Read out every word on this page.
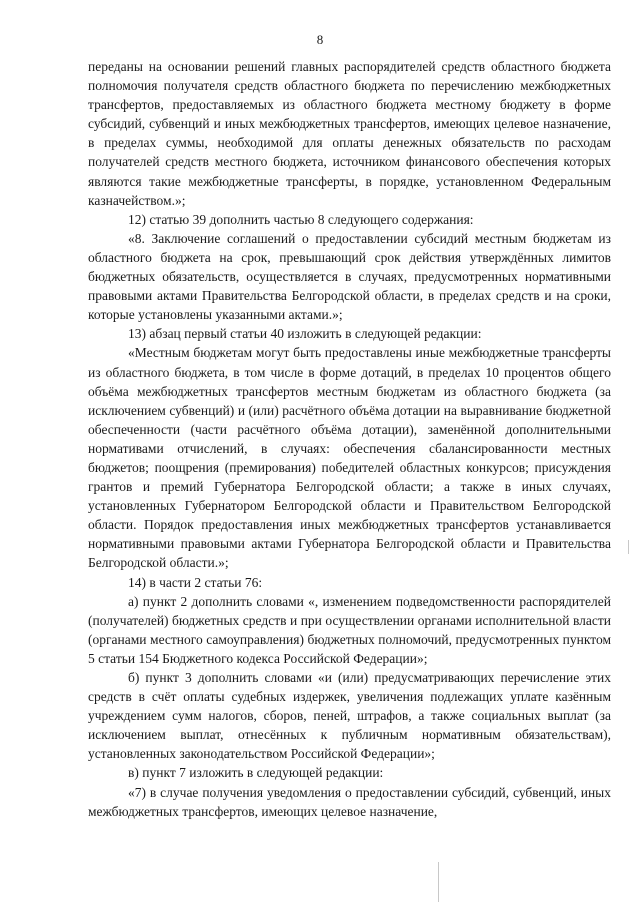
8

переданы на основании решений главных распорядителей средств областного бюджета полномочия получателя средств областного бюджета по перечислению межбюджетных трансфертов, предоставляемых из областного бюджета местному бюджету в форме субсидий, субвенций и иных межбюджетных трансфертов, имеющих целевое назначение, в пределах суммы, необходимой для оплаты денежных обязательств по расходам получателей средств местного бюджета, источником финансового обеспечения которых являются такие межбюджетные трансферты, в порядке, установленном Федеральным казначейством.»;

12) статью 39 дополнить частью 8 следующего содержания:

«8. Заключение соглашений о предоставлении субсидий местным бюджетам из областного бюджета на срок, превышающий срок действия утверждённых лимитов бюджетных обязательств, осуществляется в случаях, предусмотренных нормативными правовыми актами Правительства Белгородской области, в пределах средств и на сроки, которые установлены указанными актами.»;

13) абзац первый статьи 40 изложить в следующей редакции:

«Местным бюджетам могут быть предоставлены иные межбюджетные трансферты из областного бюджета, в том числе в форме дотаций, в пределах 10 процентов общего объёма межбюджетных трансфертов местным бюджетам из областного бюджета (за исключением субвенций) и (или) расчётного объёма дотации на выравнивание бюджетной обеспеченности (части расчётного объёма дотации), заменённой дополнительными нормативами отчислений, в случаях: обеспечения сбалансированности местных бюджетов; поощрения (премирования) победителей областных конкурсов; присуждения грантов и премий Губернатора Белгородской области; а также в иных случаях, установленных Губернатором Белгородской области и Правительством Белгородской области. Порядок предоставления иных межбюджетных трансфертов устанавливается нормативными правовыми актами Губернатора Белгородской области и Правительства Белгородской области.»;

14) в части 2 статьи 76:

а) пункт 2 дополнить словами «, изменением подведомственности распорядителей (получателей) бюджетных средств и при осуществлении органами исполнительной власти (органами местного самоуправления) бюджетных полномочий, предусмотренных пунктом 5 статьи 154 Бюджетного кодекса Российской Федерации»;

б) пункт 3 дополнить словами «и (или) предусматривающих перечисление этих средств в счёт оплаты судебных издержек, увеличения подлежащих уплате казённым учреждением сумм налогов, сборов, пеней, штрафов, а также социальных выплат (за исключением выплат, отнесённых к публичным нормативным обязательствам), установленных законодательством Российской Федерации»;

в) пункт 7 изложить в следующей редакции:

«7) в случае получения уведомления о предоставлении субсидий, субвенций, иных межбюджетных трансфертов, имеющих целевое назначение,
